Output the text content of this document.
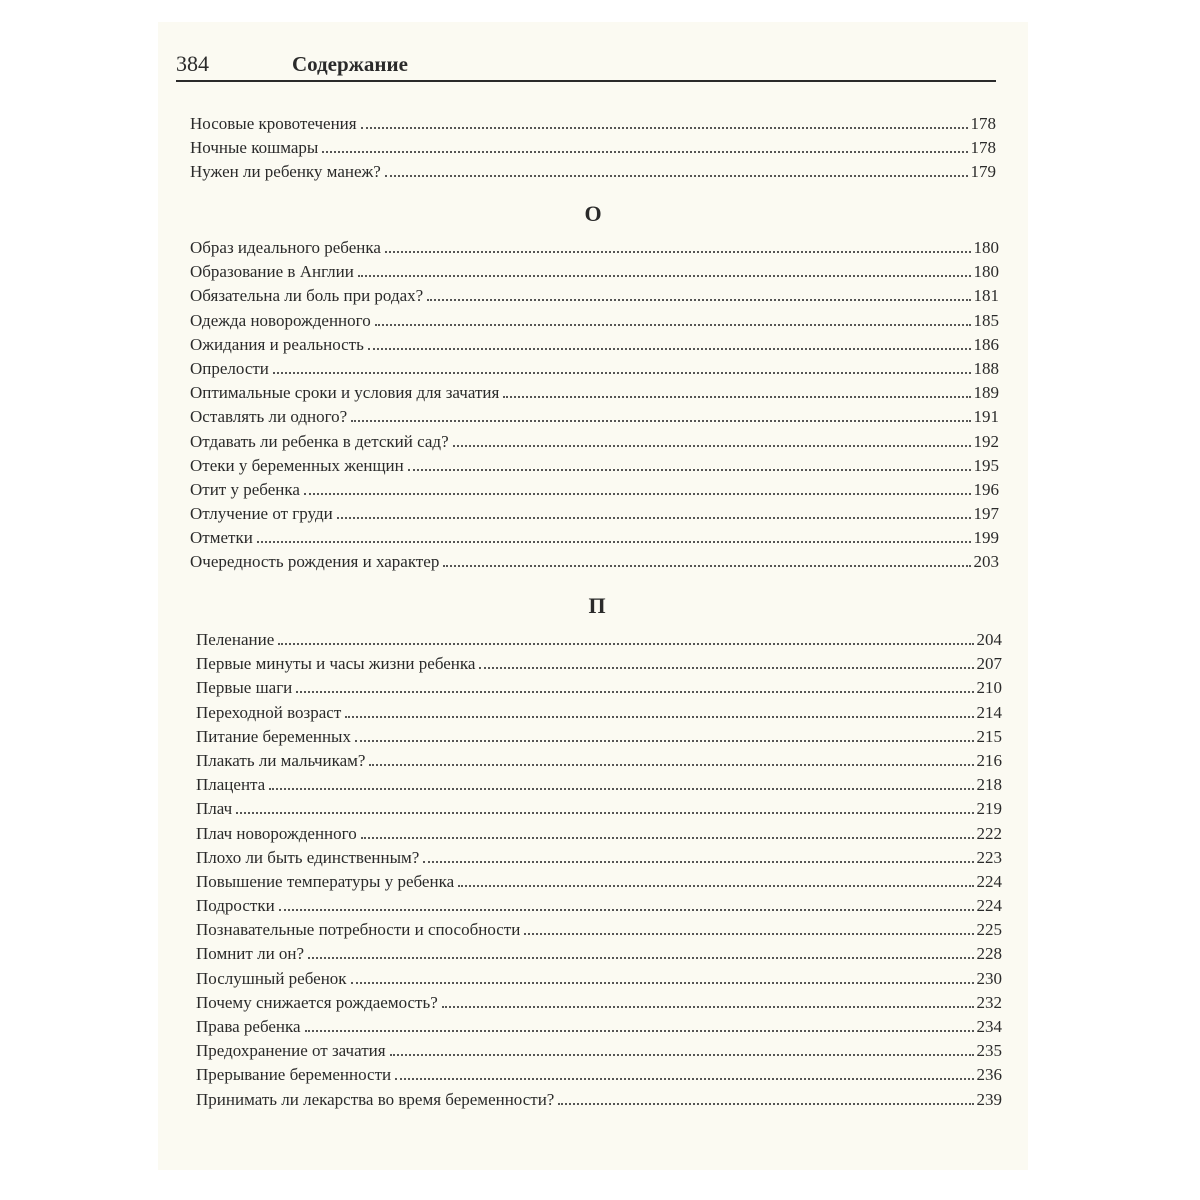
384	Содержание
Носовые кровотечения	178
Ночные кошмары	178
Нужен ли ребенку манеж?	179
О
Образ идеального ребенка	180
Образование в Англии	180
Обязательна ли боль при родах?	181
Одежда новорожденного	185
Ожидания и реальность	186
Опрелости	188
Оптимальные сроки и условия для зачатия	189
Оставлять ли одного?	191
Отдавать ли ребенка в детский сад?	192
Отеки у беременных женщин	195
Отит у ребенка	196
Отлучение от груди	197
Отметки	199
Очередность рождения и характер	203
П
Пеленание	204
Первые минуты и часы жизни ребенка	207
Первые шаги	210
Переходной возраст	214
Питание беременных	215
Плакать ли мальчикам?	216
Плацента	218
Плач	219
Плач новорожденного	222
Плохо ли быть единственным?	223
Повышение температуры у ребенка	224
Подростки	224
Познавательные потребности и способности	225
Помнит ли он?	228
Послушный ребенок	230
Почему снижается рождаемость?	232
Права ребенка	234
Предохранение от зачатия	235
Прерывание беременности	236
Принимать ли лекарства во время беременности?	239
